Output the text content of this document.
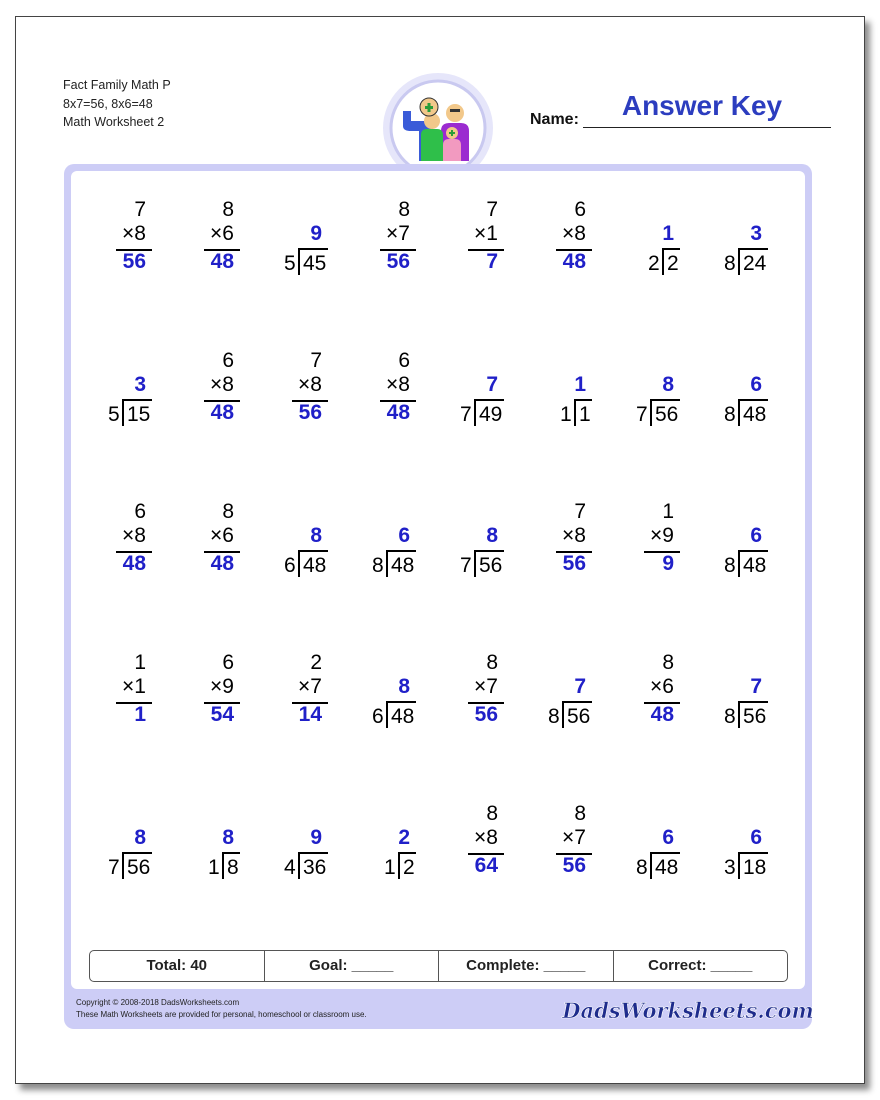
Fact Family Math P
8x7=56, 8x6=48
Math Worksheet 2
Answer Key
Name:
7
×8
56
8
×6
48
9
5 45
8
×7
56
7
×1
7
6
×8
48
1
2 2
3
8 24
3
5 15
6
×8
48
7
×8
56
6
×8
48
7
7 49
1
1 1
8
7 56
6
8 48
6
×8
48
8
×6
48
8
6 48
6
8 48
8
7 56
7
×8
56
1
×9
9
6
8 48
1
×1
1
6
×9
54
2
×7
14
8
6 48
8
×7
56
7
8 56
8
×6
48
7
8 56
8
7 56
8
1 8
9
4 36
2
1 2
8
×8
64
8
×7
56
6
8 48
6
3 18
Total: 40	Goal: _____	Complete: _____	Correct: _____
Copyright © 2008-2018 DadsWorksheets.com
These Math Worksheets are provided for personal, homeschool or classroom use.	DadsWorksheets.com
